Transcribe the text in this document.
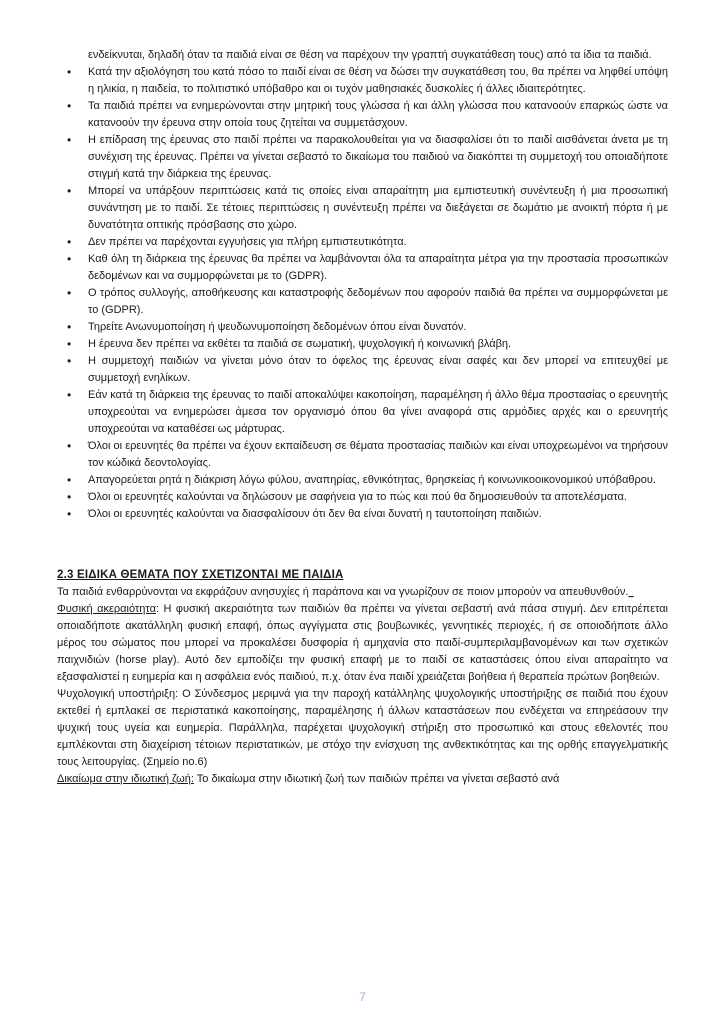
ενδείκνυται, δηλαδή όταν τα παιδιά είναι σε θέση να παρέχουν την γραπτή συγκατάθεση τους) από τα ίδια τα παιδιά.

• Κατά την αξιολόγηση του κατά πόσο το παιδί είναι σε θέση να δώσει την συγκατάθεση του, θα πρέπει να ληφθεί υπόψη η ηλικία, η παιδεία, το πολιτιστικό υπόβαθρο και οι τυχόν μαθησιακές δυσκολίες ή άλλες ιδιαιτερότητες.
• Τα παιδιά πρέπει να ενημερώνονται στην μητρική τους γλώσσα ή και άλλη γλώσσα που κατανοούν επαρκώς ώστε να κατανοούν την έρευνα στην οποία τους ζητείται να συμμετάσχουν.
• Η επίδραση της έρευνας στο παιδί πρέπει να παρακολουθείται για να διασφαλίσει ότι το παιδί αισθάνεται άνετα με τη συνέχιση της έρευνας. Πρέπει να γίνεται σεβαστό το δικαίωμα του παιδιού να διακόπτει τη συμμετοχή του οποιαδήποτε στιγμή κατά την διάρκεια της έρευνας.
• Μπορεί να υπάρξουν περιπτώσεις κατά τις οποίες είναι απαραίτητη μια εμπιστευτική συνέντευξη ή μια προσωπική συνάντηση με το παιδί. Σε τέτοιες περιπτώσεις η συνέντευξη πρέπει να διεξάγεται σε δωμάτιο με ανοικτή πόρτα ή με δυνατότητα οπτικής πρόσβασης στο χώρο.
• Δεν πρέπει να παρέχονται εγγυήσεις για πλήρη εμπιστευτικότητα.
• Καθ όλη τη διάρκεια της έρευνας θα πρέπει να λαμβάνονται όλα τα απαραίτητα μέτρα για την προστασία προσωπικών δεδομένων και να συμμορφώνεται με το (GDPR).
• Ο τρόπος συλλογής, αποθήκευσης και καταστροφής δεδομένων που αφορούν παιδιά θα πρέπει να συμμορφώνεται με το (GDPR).
• Τηρείτε Ανωνυμοποίηση ή ψευδωνυμοποίηση δεδομένων όπου είναι δυνατόν.
• Η έρευνα δεν πρέπει να εκθέτει τα παιδιά σε σωματική, ψυχολογική ή κοινωνική βλάβη.
• Η συμμετοχή παιδιών να γίνεται μόνο όταν το όφελος της έρευνας είναι σαφές και δεν μπορεί να επιτευχθεί με συμμετοχή ενηλίκων.
• Εάν κατά τη διάρκεια της έρευνας το παιδί αποκαλύψει κακοποίηση, παραμέληση ή άλλο θέμα προστασίας ο ερευνητής υποχρεούται να ενημερώσει άμεσα τον οργανισμό όπου θα γίνει αναφορά στις αρμόδιες αρχές και ο ερευνητής υποχρεούται να καταθέσει ως μάρτυρας.
• Όλοι οι ερευνητές θα πρέπει να έχουν εκπαίδευση σε θέματα προστασίας παιδιών και είναι υποχρεωμένοι να τηρήσουν τον κώδικά δεοντολογίας.
• Απαγορεύεται ρητά η διάκριση λόγω φύλου, αναπηρίας, εθνικότητας, θρησκείας ή κοινωνικοοικονομικού υπόβαθρου.
• Όλοι οι ερευνητές καλούνται να δηλώσουν με σαφήνεια για το πώς και πού θα δημοσιευθούν τα αποτελέσματα.
• Όλοι οι ερευνητές καλούνται να διασφαλίσουν ότι δεν θα είναι δυνατή η ταυτοποίηση παιδιών.
2.3 ΕΙΔΙΚΑ ΘΕΜΑΤΑ ΠΟΥ ΣΧΕΤΙΖΟΝΤΑΙ ΜΕ ΠΑΙΔΙΑ

Τα παιδιά ενθαρρύνονται να εκφράζουν ανησυχίες ή παράπονα και να γνωρίζουν σε ποιον μπορούν να απευθυνθούν._

Φυσική ακεραιότητα: Η φυσική ακεραιότητα των παιδιών θα πρέπει να γίνεται σεβαστή ανά πάσα στιγμή. Δεν επιτρέπεται οποιαδήποτε ακατάλληλη φυσική επαφή, όπως αγγίγματα στις βουβωνικές, γεννητικές περιοχές, ή σε οποιοδήποτε άλλο μέρος του σώματος που μπορεί να προκαλέσει δυσφορία ή αμηχανία στο παιδί-συμπεριλαμβανομένων και των σχετικών παιχνιδιών (horse play). Αυτό δεν εμποδίζει την φυσική επαφή με το παιδί σε καταστάσεις όπου είναι απαραίτητο να εξασφαλιστεί η ευημερία και η ασφάλεια ενός παιδιού, π.χ. όταν ένα παιδί χρειάζεται βοήθεια ή θεραπεία πρώτων βοηθειών.

Ψυχολογική υποστήριξη: Ο Σύνδεσμος μεριμνά για την παροχή κατάλληλης ψυχολογικής υποστήριξης σε παιδιά που έχουν εκτεθεί ή εμπλακεί σε περιστατικά κακοποίησης, παραμέλησης ή άλλων καταστάσεων που ενδέχεται να επηρεάσουν την ψυχική τους υγεία και ευημερία. Παράλληλα, παρέχεται ψυχολογική στήριξη στο προσωπικό και στους εθελοντές που εμπλέκονται στη διαχείριση τέτοιων περιστατικών, με στόχο την ενίσχυση της ανθεκτικότητας και της ορθής επαγγελματικής τους λειτουργίας. (Σημείο no.6)

Δικαίωμα στην ιδιωτική ζωή: Το δικαίωμα στην ιδιωτική ζωή των παιδιών πρέπει να γίνεται σεβαστό ανά

7
